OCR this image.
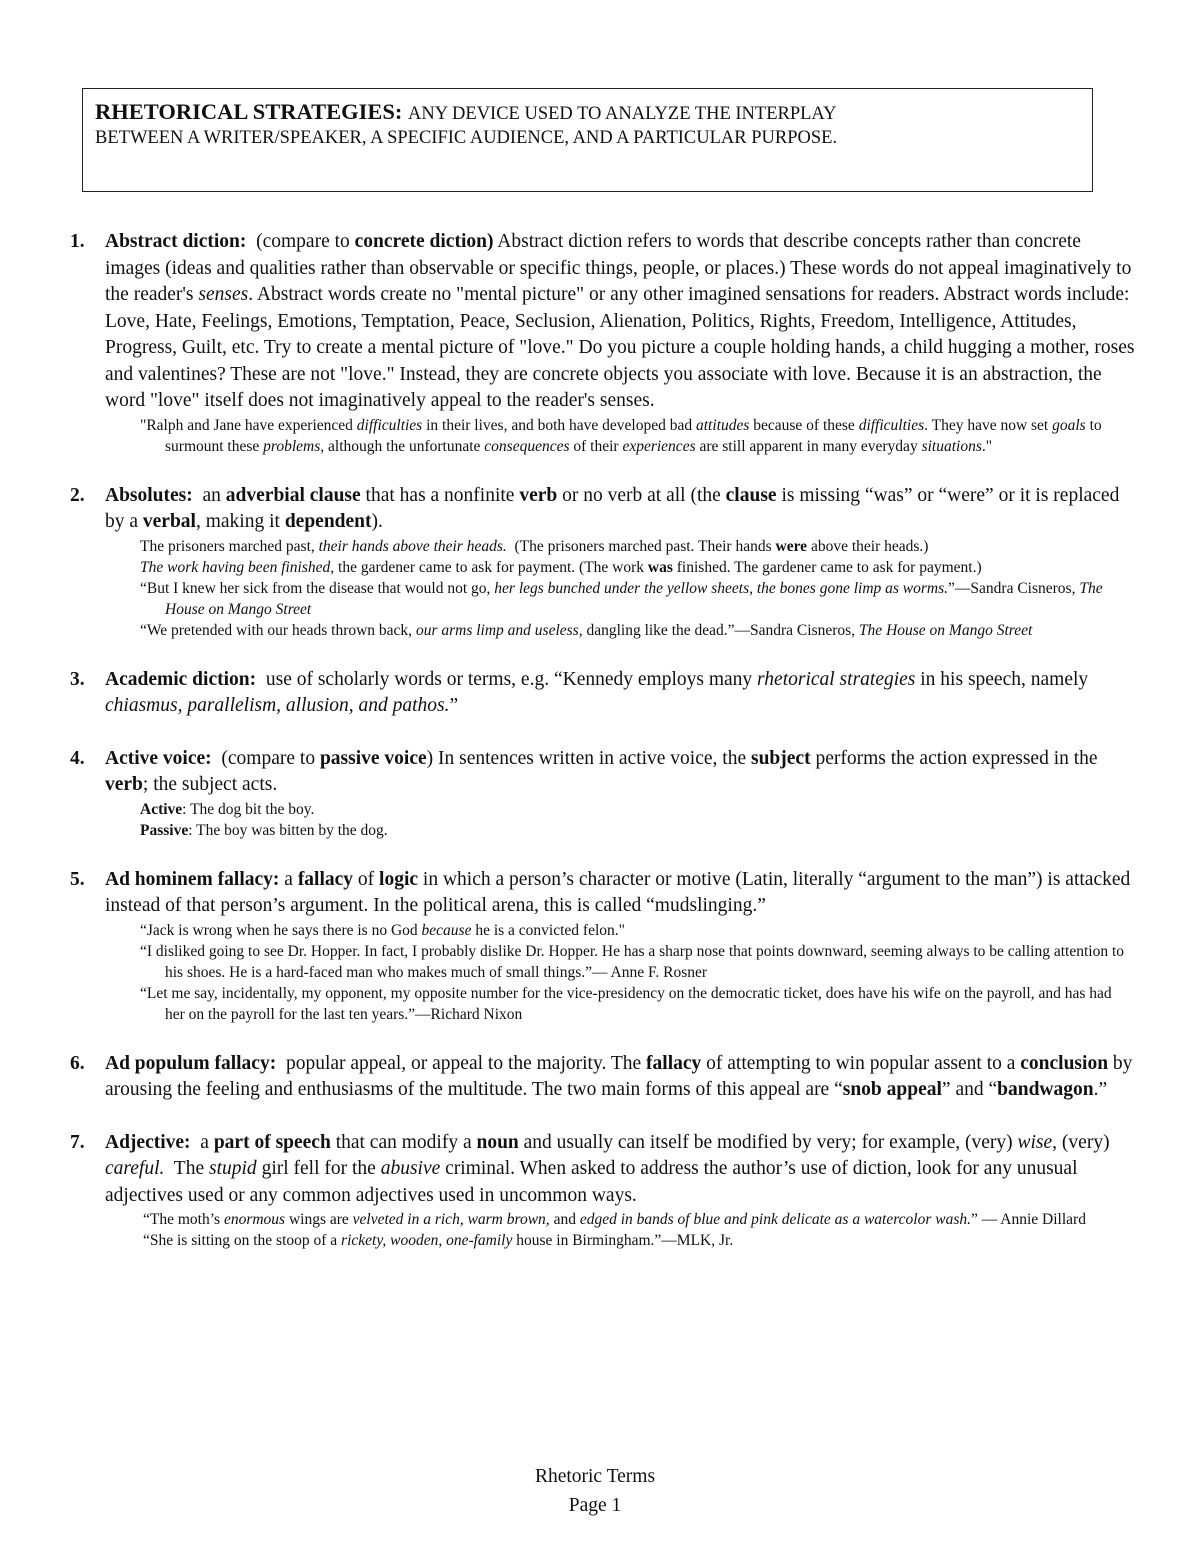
RHETORICAL STRATEGIES: ANY DEVICE USED TO ANALYZE THE INTERPLAY
BETWEEN A WRITER/SPEAKER, A SPECIFIC AUDIENCE, AND A PARTICULAR PURPOSE.
1. Abstract diction: (compare to concrete diction) Abstract diction refers to words that describe concepts rather than concrete images (ideas and qualities rather than observable or specific things, people, or places.) These words do not appeal imaginatively to the reader's senses. Abstract words create no "mental picture" or any other imagined sensations for readers. Abstract words include: Love, Hate, Feelings, Emotions, Temptation, Peace, Seclusion, Alienation, Politics, Rights, Freedom, Intelligence, Attitudes, Progress, Guilt, etc. Try to create a mental picture of "love." Do you picture a couple holding hands, a child hugging a mother, roses and valentines? These are not "love." Instead, they are concrete objects you associate with love. Because it is an abstraction, the word "love" itself does not imaginatively appeal to the reader's senses.

"Ralph and Jane have experienced difficulties in their lives, and both have developed bad attitudes because of these difficulties. They have now set goals to surmount these problems, although the unfortunate consequences of their experiences are still apparent in many everyday situations."

2. Absolutes: an adverbial clause that has a nonfinite verb or no verb at all (the clause is missing “was” or “were” or it is replaced by a verbal, making it dependent).

The prisoners marched past, their hands above their heads. (The prisoners marched past. Their hands were above their heads.)

The work having been finished, the gardener came to ask for payment. (The work was finished. The gardener came to ask for payment.)

“But I knew her sick from the disease that would not go, her legs bunched under the yellow sheets, the bones gone limp as worms.”—Sandra Cisneros, The House on Mango Street

“We pretended with our heads thrown back, our arms limp and useless, dangling like the dead.”—Sandra Cisneros, The House on Mango Street

3. Academic diction: use of scholarly words or terms, e.g. “Kennedy employs many rhetorical strategies in his speech, namely chiasmus, parallelism, allusion, and pathos.”

4. Active voice: (compare to passive voice) In sentences written in active voice, the subject performs the action expressed in the verb; the subject acts.

Active: The dog bit the boy.

Passive: The boy was bitten by the dog.

5. Ad hominem fallacy: a fallacy of logic in which a person’s character or motive (Latin, literally “argument to the man”) is attacked instead of that person’s argument. In the political arena, this is called “mudslinging.”

“Jack is wrong when he says there is no God because he is a convicted felon."

“I disliked going to see Dr. Hopper. In fact, I probably dislike Dr. Hopper. He has a sharp nose that points downward, seeming always to be calling attention to his shoes. He is a hard-faced man who makes much of small things.”— Anne F. Rosner

“Let me say, incidentally, my opponent, my opposite number for the vice-presidency on the democratic ticket, does have his wife on the payroll, and has had her on the payroll for the last ten years.”—Richard Nixon

6. Ad populum fallacy: popular appeal, or appeal to the majority. The fallacy of attempting to win popular assent to a conclusion by arousing the feeling and enthusiasms of the multitude. The two main forms of this appeal are “snob appeal” and “bandwagon.”

7. Adjective: a part of speech that can modify a noun and usually can itself be modified by very; for example, (very) wise, (very) careful. The stupid girl fell for the abusive criminal. When asked to address the author’s use of diction, look for any unusual adjectives used or any common adjectives used in uncommon ways.

“The moth’s enormous wings are velveted in a rich, warm brown, and edged in bands of blue and pink delicate as a watercolor wash.” — Annie Dillard

“She is sitting on the stoop of a rickety, wooden, one-family house in Birmingham.”—MLK, Jr.

Rhetoric Terms
Page 1
